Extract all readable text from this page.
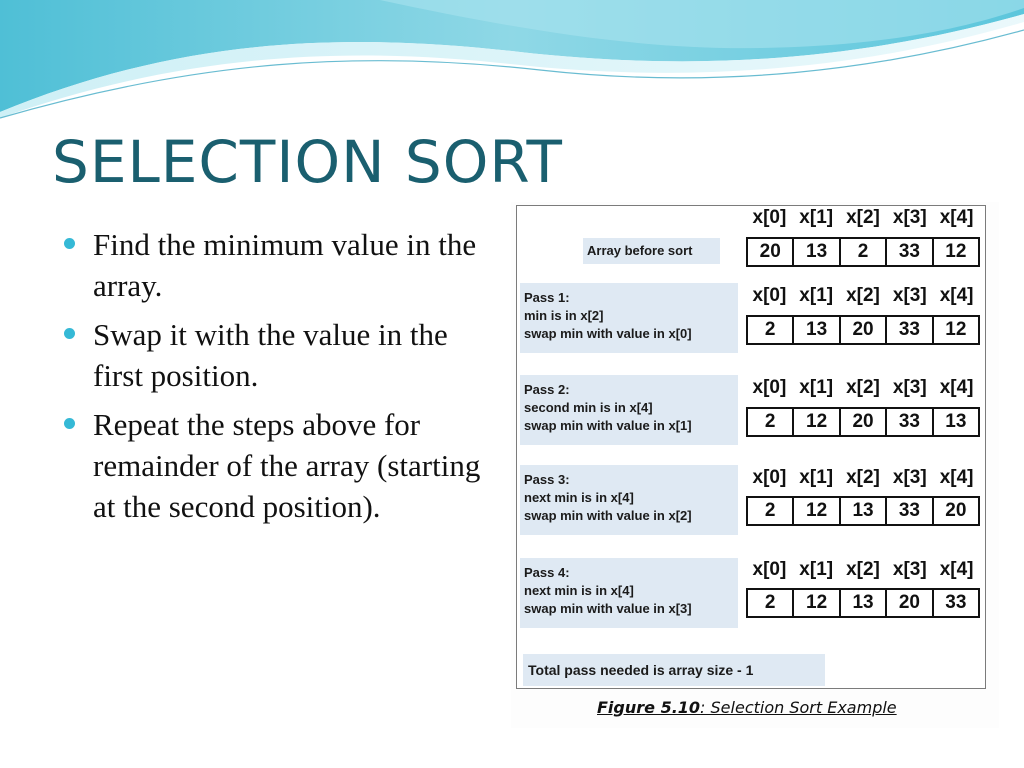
SELECTION SORT
Find the minimum value in the array.
Swap it with the value in the first position.
Repeat the steps above for remainder of the array (starting at the second position).
Array before sort
x[0] x[1] x[2] x[3] x[4]
20	13	2	33	12
Pass 1:
min is in x[2]
swap min with value in x[0]
x[0] x[1] x[2] x[3] x[4]
2	13	20	33	12
Pass 2:
second min is in x[4]
swap min with value in x[1]
x[0] x[1] x[2] x[3] x[4]
2	12	20	33	13
Pass 3:
next min is in x[4]
swap min with value in x[2]
x[0] x[1] x[2] x[3] x[4]
2	12	13	33	20
Pass 4:
next min is in x[4]
swap min with value in x[3]
x[0] x[1] x[2] x[3] x[4]
2	12	13	20	33
Total pass needed is array size - 1
Figure 5.10: Selection Sort Example
